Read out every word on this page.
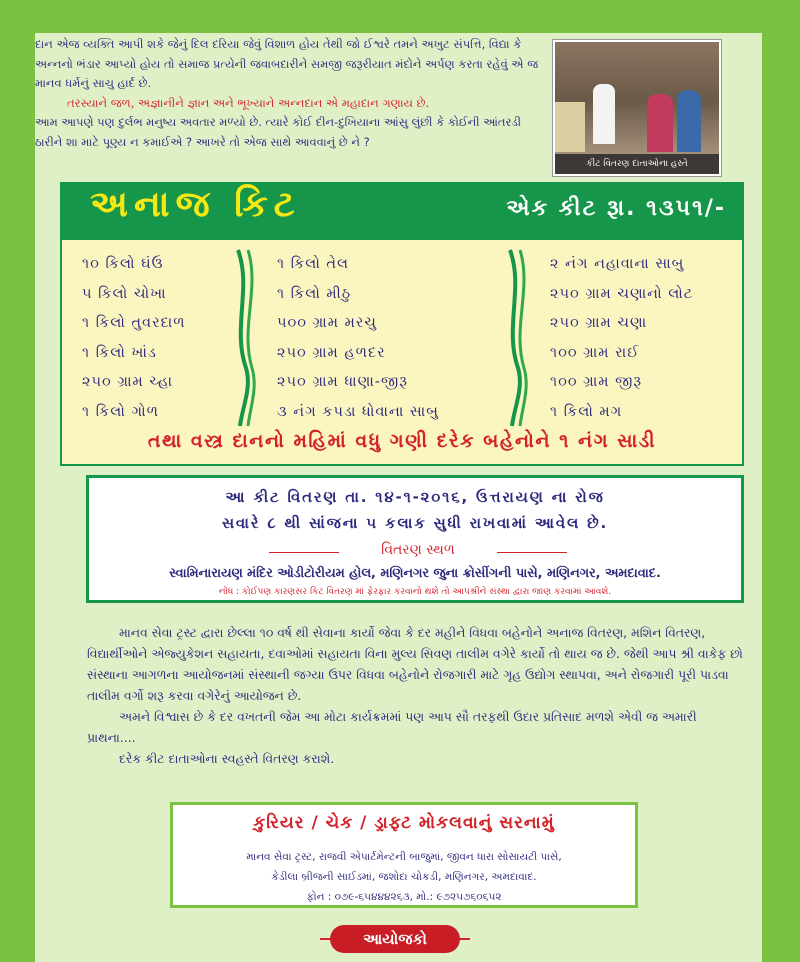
દાન એજ વ્યક્તિ આપી શકે જેનું દિલ દરિયા જેવું વિશાળ હોય તેથી જો ઈશ્વરે તમને અખુટ સંપત્તિ, વિદ્યા કે અન્નનો ભંડાર આપ્યો હોય તો સમાજ પ્રત્યેની જવાબદારીને સમજી જરૂરીયાત મંદોને અર્પણ કરતા રહેવું એ જ માનવ ધર્મનું સાચુ હાર્દ છે.
તરસ્યાને જળ, અજ્ઞાનીને જ્ઞાન અને ભૂખ્યાને અન્નદાન એ મહાદાન ગણાય છે.
આમ આપણે પણ દુર્લભ મનુષ્ય અવતાર મળ્યો છે. ત્યારે કોઈ દીન-દુખિયાના આંસુ લુંછી કે કોઈની આંતરડી ઠારીને શા માટે પૂણ્ય ન કમાઈએ ? આખરે તો એજ સાથે આવવાનું છે ને ?
કીટ વિતરણ દાતાઓના હસ્તે
અનાજ કિટ	એક કીટ રૂા. ૧૩૫૧/-
૧૦ કિલો ઘંઉ
૫ કિલો ચોખા
૧ કિલો તુવરદાળ
૧ કિલો ખાંડ
૨૫૦ ગ્રામ ચ્હા
૧ કિલો ગોળ
૧ કિલો તેલ
૧ કિલો મીઠુ
૫૦૦ ગ્રામ મરચુ
૨૫૦ ગ્રામ હળદર
૨૫૦ ગ્રામ ધાણા-જીરૂ
૩ નંગ કપડા ધોવાના સાબુ
૨ નંગ નહાવાના સાબુ
૨૫૦ ગ્રામ ચણાનો લોટ
૨૫૦ ગ્રામ ચણા
૧૦૦ ગ્રામ રાઈ
૧૦૦ ગ્રામ જીરૂ
૧ કિલો મગ
તથા વસ્ત્ર દાનનો મહિમાં વધુ ગણી દરેક બહેનોને ૧ નંગ સાડી
આ કીટ વિતરણ તા. ૧૪-૧-૨૦૧૬, ઉત્તરાયણ ના રોજ
સવારે ૮ થી સાંજના ૫ કલાક સુધી રાખવામાં આવેલ છે.
વિતરણ સ્થળ
સ્વામિનારાયણ મંદિર ઓડીટોરીયમ હોલ, મણિનગર જુના ક્રોસીંગની પાસે, મણિનગર, અમદાવાદ.
નોંધ : કોઈપણ કારણસર કિટ વિતરણ માં ફેરફાર કરવાનો થશે તો આપશ્રીને સંસ્થા દ્વારા જાણ કરવામાં આવશે.

માનવ સેવા ટ્રસ્ટ દ્વારા છેલ્લા ૧૦ વર્ષ થી સેવાના કાર્યો જેવા કે દર મહીને વિધવા બહેનોને અનાજ વિતરણ, મશિન વિતરણ, વિદ્યાર્થીઓને એજ્યુકેશન સહાયતા, દવાઓમાં સહાયતા વિના મુલ્ય સિવણ તાલીમ વગેરે કાર્યો તો થાય જ છે. જેથી આપ શ્રી વાકેફ છો સંસ્થાના આગળના આયોજનમાં સંસ્થાની જગ્યા ઉપર વિધવા બહેનોને રોજગારી માટે ગૃહ ઉદ્યોગ સ્થાપવા, અને રોજગારી પૂરી પાડવા તાલીમ વર્ગો શરૂ કરવા વગેરેનું આયોજન છે.

અમને વિશ્વાસ છે કે દર વખતની જેમ આ મોટા કાર્યક્રમમાં પણ આપ સૌ તરફથી ઉદાર પ્રતિસાદ મળશે એવી જ અમારી પ્રાથના....

દરેક કીટ દાતાઓના સ્વહસ્તે વિતરણ કરાશે.

કુરિયર / ચેક / ડ્રાફ્ટ મોકલવાનું સરનામું
માનવ સેવા ટ્રસ્ટ, રાજવી એપાર્ટમેન્ટની બાજુમાં, જીવન ધારા સોસાયટી પાસે,
કેડીલા બ્રીજની સાઈડમાં, જશોદા ચોકડી, મણિનગર, અમદાવાદ.
ફોન : ૦૭૯-૬૫૪૪૪૨૬૩, મો.: ૯૭૨૫૭૬૦૬૫૨
આયોજકો
